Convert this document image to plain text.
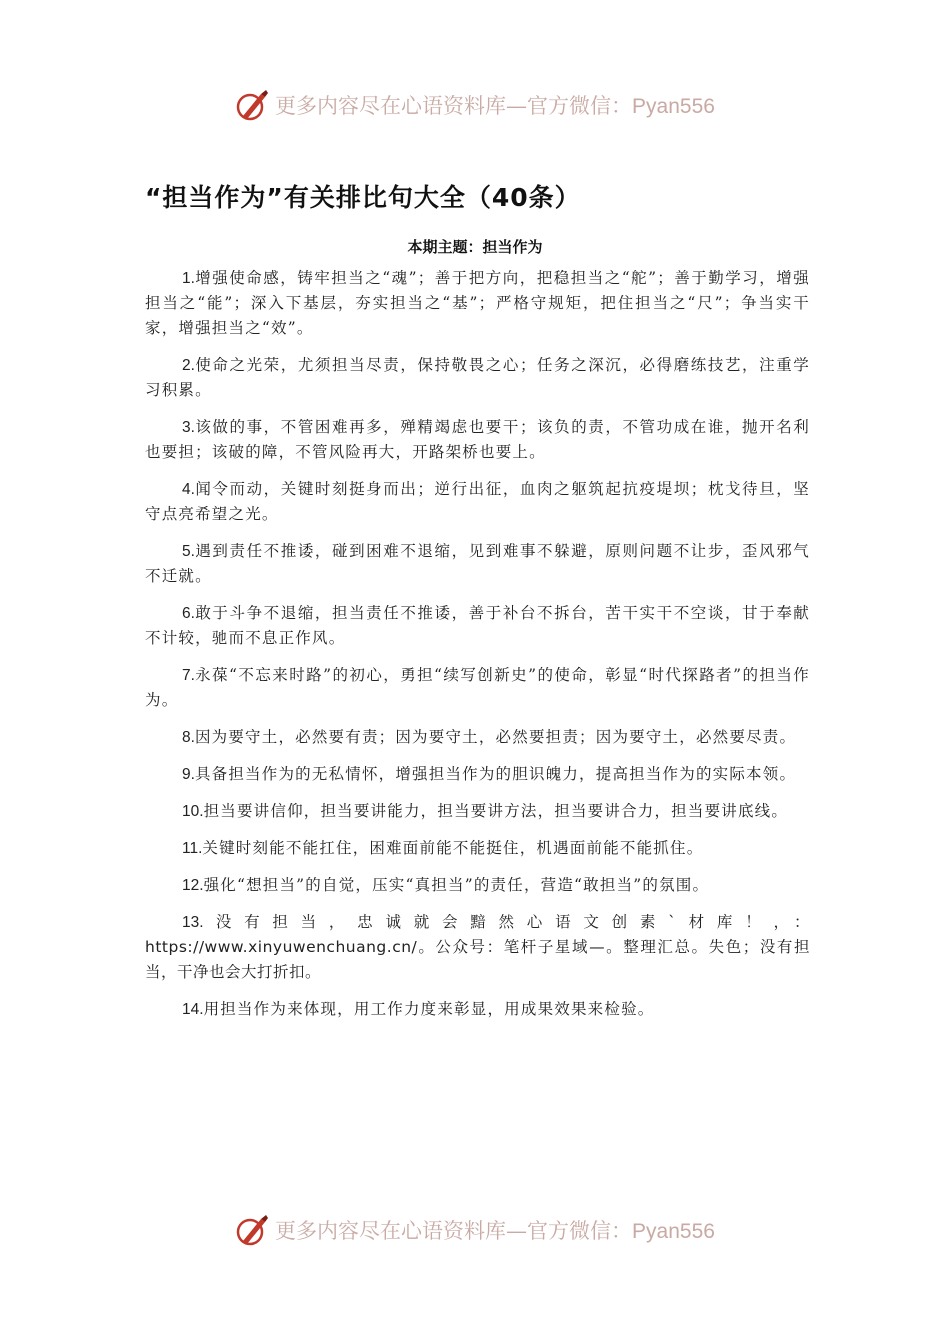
更多内容尽在心语资料库—官方微信：Pyan556
“担当作为”有关排比句大全（40条）
本期主题：担当作为

1.增强使命感，铸牢担当之“魂”；善于把方向，把稳担当之“舵”；善于勤学习，增强担当之“能”；深入下基层，夯实担当之“基”；严格守规矩，把住担当之“尺”；争当实干家，增强担当之“效”。

2.使命之光荣，尤须担当尽责，保持敬畏之心；任务之深沉，必得磨练技艺，注重学习积累。

3.该做的事，不管困难再多，殚精竭虑也要干；该负的责，不管功成在谁，抛开名利也要担；该破的障，不管风险再大，开路架桥也要上。

4.闻令而动，关键时刻挺身而出；逆行出征，血肉之躯筑起抗疫堤坝；枕戈待旦，坚守点亮希望之光。

5.遇到责任不推诿，碰到困难不退缩，见到难事不躲避，原则问题不让步，歪风邪气不迁就。

6.敢于斗争不退缩，担当责任不推诿，善于补台不拆台，苦干实干不空谈，甘于奉献不计较，驰而不息正作风。

7.永葆“不忘来时路”的初心，勇担“续写创新史”的使命，彰显“时代探路者”的担当作为。

8.因为要守土，必然要有责；因为要守土，必然要担责；因为要守土，必然要尽责。

9.具备担当作为的无私情怀，增强担当作为的胆识魄力，提高担当作为的实际本领。

10.担当要讲信仰，担当要讲能力，担当要讲方法，担当要讲合力，担当要讲底线。

11.关键时刻能不能扛住，困难面前能不能挺住，机遇面前能不能抓住。

12.强化“想担当”的自觉，压实“真担当”的责任，营造“敢担当”的氛围。

13.没有担当，忠诚就会黯然心语文创素`材库！，：https://www.xinyuwenchuang.cn/。公众号：笔杆子星域—。整理汇总。失色；没有担当，干净也会大打折扣。

14.用担当作为来体现，用工作力度来彰显，用成果效果来检验。

更多内容尽在心语资料库—官方微信：Pyan556
